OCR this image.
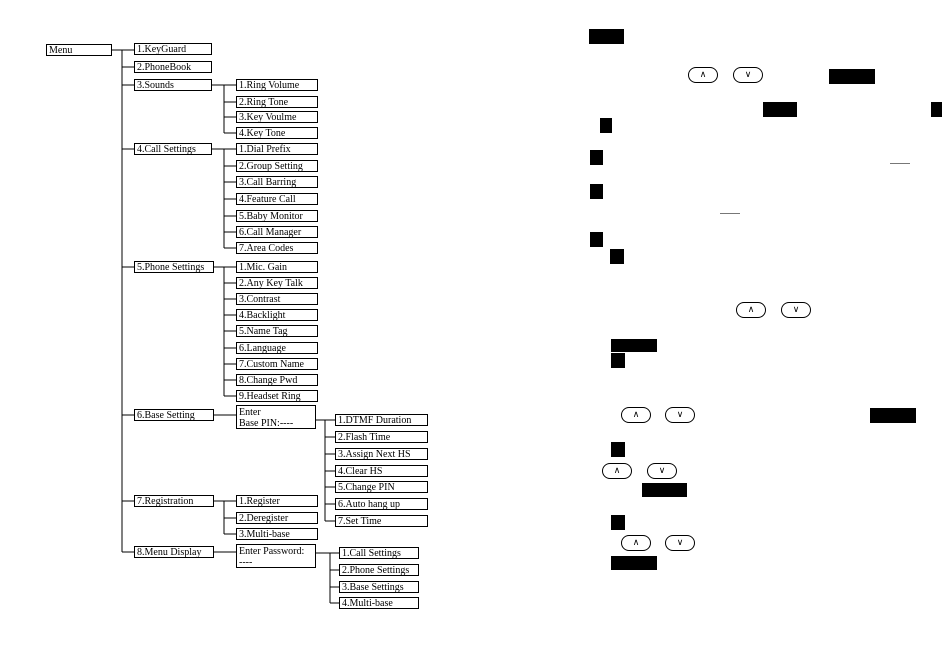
Menu	1.KeyGuard
2.PhoneBook
3.Sounds
4.Call Settings
5.Phone Settings
6.Base Setting
7.Registration
8.Menu Display
1.Ring Volume
2.Ring Tone
3.Key Voulme
4.Key Tone
1.Dial Prefix
2.Group Setting
3.Call Barring
4.Feature Call
5.Baby Monitor
6.Call Manager
7.Area Codes
1.Mic. Gain
2.Any Key Talk
3.Contrast
4.Backlight
5.Name Tag
6.Language
7.Custom Name
8.Change Pwd
9.Headset Ring
Enter
Base PIN:----	1.DTMF Duration
2.Flash Time
3.Assign Next HS
4.Clear HS
5.Change PIN
6.Auto hang up
7.Set Time
1.Register
2.Deregister
3.Multi-base
Enter Password:
----
1.Call Settings
2.Phone Settings
3.Base Settings
4.Multi-base
∧	∨
∧	∨
∧	∨
∧	∨
∧	∨
